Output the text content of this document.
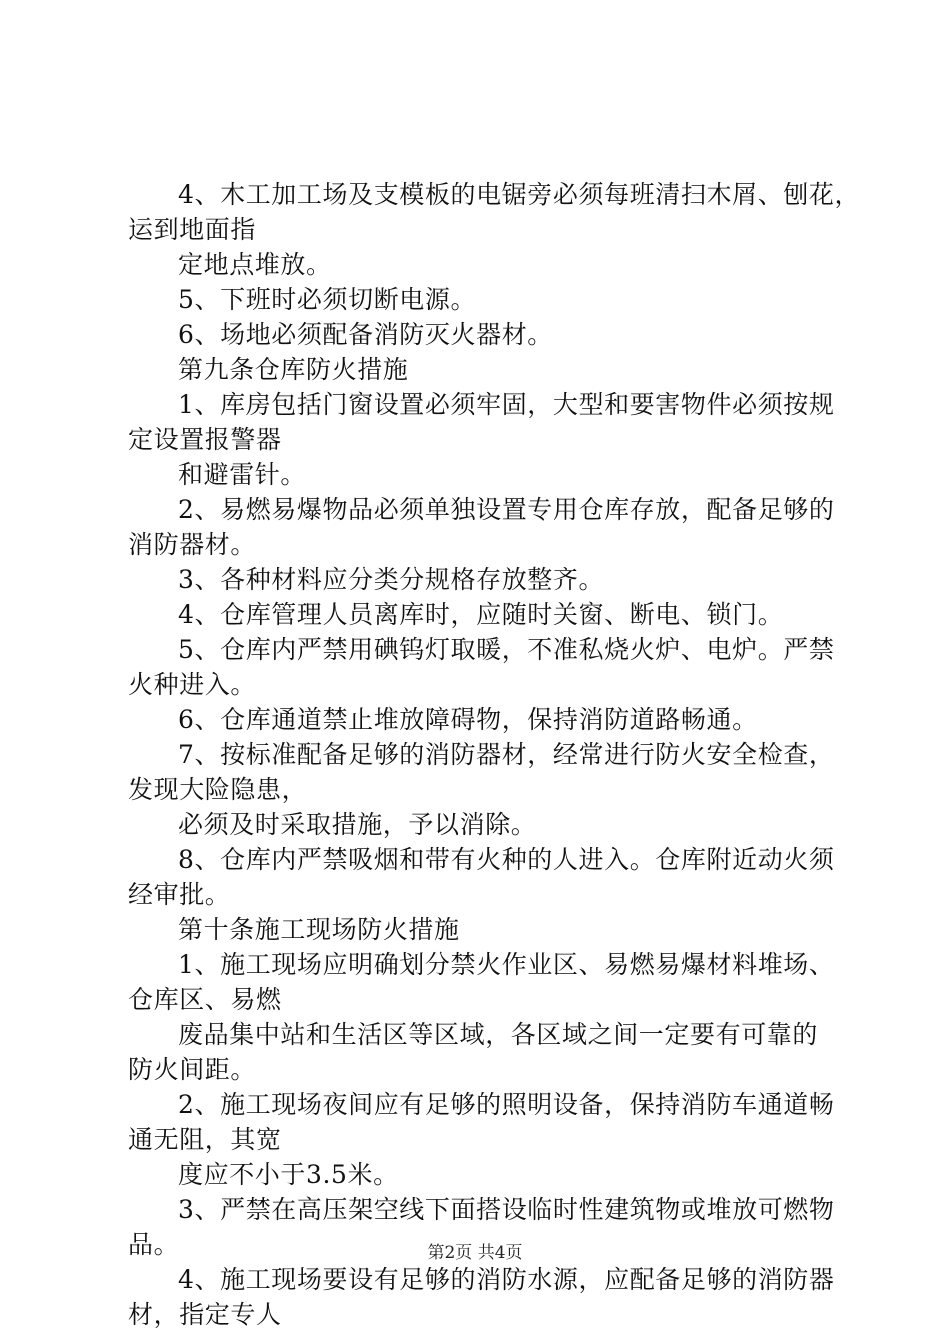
4、木工加工场及支模板的电锯旁必须每班清扫木屑、刨花，
运到地面指
定地点堆放。
5、下班时必须切断电源。
6、场地必须配备消防灭火器材。
第九条仓库防火措施
1、库房包括门窗设置必须牢固，大型和要害物件必须按规
定设置报警器
和避雷针。
2、易燃易爆物品必须单独设置专用仓库存放，配备足够的
消防器材。
3、各种材料应分类分规格存放整齐。
4、仓库管理人员离库时，应随时关窗、断电、锁门。
5、仓库内严禁用碘钨灯取暖，不准私烧火炉、电炉。严禁
火种进入。
6、仓库通道禁止堆放障碍物，保持消防道路畅通。
7、按标准配备足够的消防器材，经常进行防火安全检查，
发现大险隐患，
必须及时采取措施，予以消除。
8、仓库内严禁吸烟和带有火种的人进入。仓库附近动火须
经审批。
第十条施工现场防火措施
1、施工现场应明确划分禁火作业区、易燃易爆材料堆场、
仓库区、易燃
废品集中站和生活区等区域，各区域之间一定要有可靠的
防火间距。
2、施工现场夜间应有足够的照明设备，保持消防车通道畅
通无阻，其宽
度应不小于3.5米。
3、严禁在高压架空线下面搭设临时性建筑物或堆放可燃物
品。
4、施工现场要设有足够的消防水源，应配备足够的消防器
材，指定专人
第2页 共4页
